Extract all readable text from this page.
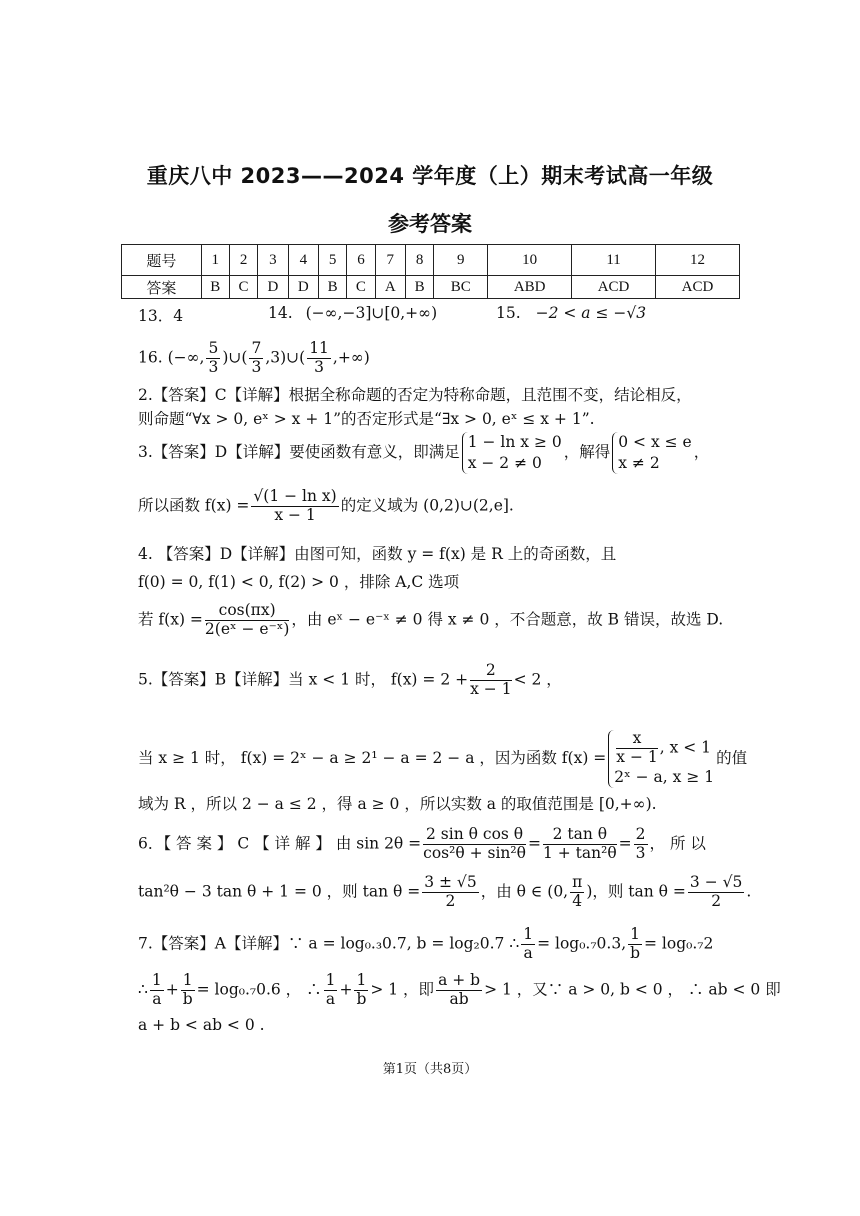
重庆八中 2023——2024 学年度（上）期末考试高一年级
参考答案
题号	1	2	3	4	5	6	7	8	9	10	11	12
答案	B	C	D	D	B	C	A	B	BC	ABD	ACD	ACD
13．4	14. (−∞,−3]∪[0,+∞)	15. −2 < a ≤ −√3
16. (−∞, $\frac{5}{3}$ )∪( $\frac{7}{3}$ ,3)∪( $\frac{11}{3}$ ,+∞)
2.【答案】C【详解】根据全称命题的否定为特称命题，且范围不变，结论相反，
则命题“∀x > 0, eˣ > x + 1”的否定形式是“∃x > 0, eˣ ≤ x + 1”.
3.【答案】D【详解】要使函数有意义，即满足
1 − ln x ≥ 0
x − 2 ≠ 0
，解得
0 < x ≤ e
x ≠ 2
，
所以函数 $f(x) = \frac{\text{√(1 − ln x)}}{x - 1}$ 的定义域为 (0,2)∪(2,e].
4. 【答案】D【详解】由图可知，函数 y = f(x) 是 R 上的奇函数，且
f(0) = 0, f(1) < 0, f(2) > 0 ，排除 A,C 选项
若 $f(x) = \frac{\cos(\pi x)}{\text{2(eˣ − e⁻ˣ)}}$ ，由 eˣ − e⁻ˣ ≠ 0 得 x ≠ 0 ，不合题意，故 B 错误，故选 D.
5.【答案】B【详解】当 x < 1 时， $f(x) = 2 + \frac{2}{x - 1} < 2$ ，
当 x ≥ 1 时， f(x) = 2ˣ − a ≥ 2¹ − a = 2 − a ，因为函数 $f(x) = \frac{x}{x - 1}$ , x < 1
2ˣ − a, x ≥ 1
的值
域为 R ，所以 2 − a ≤ 2 ，得 a ≥ 0 ，所以实数 a 的取值范围是 [0,+∞).
6．【 答 案 】 C 【 详 解 】 由 $\sin 2\theta = \frac{\text{2 sin θ cos θ}}{\text{cos²θ + sin²θ}} = \frac{\text{2 tan θ}}{\text{1 + tan²θ}} = \frac{2}{3}$ ， 所 以
tan²θ − 3 tan θ + 1 = 0 ，则 $\tan \theta = \frac{3 \pm √5}{2}$ ，由 θ ∈ (0, $\frac{\pi}{4}$ )，则 $\tan \theta = \frac{3 - √5}{2}$ .
7.【答案】A【详解】∵ a = log₀.₃0.7, b = log₂0.7 ∴ $\frac{1}{a} = \log_0._70.3$, $\frac{1}{b} = \log_0._72$
∴ $\frac{1}{a} + \frac{1}{b} = \log_0._70.6$ ， ∴ $\frac{1}{a} + \frac{1}{b} > 1$ ，即 $\frac{a + b}{ab} > 1$ ，又∵ a > 0, b < 0 ， ∴ ab < 0 即
a + b < ab < 0 .
第1页（共8页）
